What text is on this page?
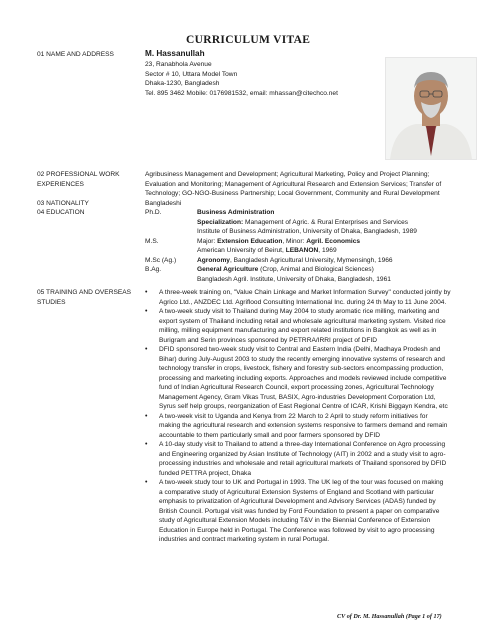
CURRICULUM VITAE
01 NAME AND ADDRESS	M. Hassanullah
23, Ranabhola Avenue
Sector # 10, Uttara Model Town
Dhaka-1230, Bangladesh
Tel. 895 3462 Mobile: 0176981532, email: mhassan@citechco.net
02 PROFESSIONAL WORK
EXPERIENCES
Agribusiness Management and Development; Agricultural Marketing, Policy and Project Planning;
Evaluation and Monitoring; Management of Agricultural Research and Extension Services; Transfer of
Technology; GO-NGO-Business Partnership; Local Government, Community and Rural Development
03 NATIONALITY	Bangladeshi
04 EDUCATION	Ph.D.	Business Administration
Specialization: Management of Agric. & Rural Enterprises and Services
Institute of Business Administration, University of Dhaka, Bangladesh, 1989
M.S.	Major: Extension Education, Minor: Agril. Economics
American University of Beirut, LEBANON, 1969
M.Sc (Ag.)	Agronomy, Bangladesh Agricultural University, Mymensingh, 1966
B.Ag.	General Agriculture (Crop, Animal and Biological Sciences)
Bangladesh Agril. Institute, University of Dhaka, Bangladesh, 1961
05 TRAINING AND OVERSEAS
STUDIES
• A three-week training on, "Value Chain Linkage and Market Information Survey" conducted jointly by
Agrico Ltd., ANZDEC Ltd. Agriflood Consulting International Inc. during 24 th May to 11 June 2004.
• A two-week study visit to Thailand during May 2004 to study aromatic rice milling, marketing and
export system of Thailand including retail and wholesale agricultural marketing system. Visited rice
milling, milling equipment manufacturing and export related institutions in Bangkok as well as in
Burigram and Serin provinces sponsored by PETRRA/IRRI project of DFID
• DFID sponsored two-week study visit to Central and Eastern India (Delhi, Madhaya Prodesh and
Bihar) during July-August 2003 to study the recently emerging innovative systems of research and
technology transfer in crops, livestock, fishery and forestry sub-sectors encompassing production,
processing and marketing including exports. Approaches and models reviewed include competitive
fund of Indian Agricultural Research Council, export processing zones, Agricultural Technology
Management Agency, Gram Vikas Trust, BASIX, Agro-industries Development Corporation Ltd,
Syrus self help groups, reorganization of East Regional Centre of ICAR, Krishi Biggayn Kendra, etc
• A two-week visit to Uganda and Kenya from 22 March to 2 April to study reform initiatives for
making the agricultural research and extension systems responsive to farmers demand and remain
accountable to them particularly small and poor farmers sponsored by DFID
• A 10-day study visit to Thailand to attend a three-day International Conference on Agro processing
and Engineering organized by Asian Institute of Technology (AIT) in 2002 and a study visit to agro-
processing industries and wholesale and retail agricultural markets of Thailand sponsored by DFID
funded PETTRA project, Dhaka
• A two-week study tour to UK and Portugal in 1993. The UK leg of the tour was focused on making
a comparative study of Agricultural Extension Systems of England and Scotland with particular
emphasis to privatization of Agricultural Development and Advisory Services (ADAS) funded by
British Council. Portugal visit was funded by Ford Foundation to present a paper on comparative
study of Agricultural Extension Models including T&V in the Biennial Conference of Extension
Education in Europe held in Portugal. The Conference was followed by visit to agro processing
industries and contract marketing system in rural Portugal.
CV of Dr. M. Hassanullah (Page 1 of 17)
